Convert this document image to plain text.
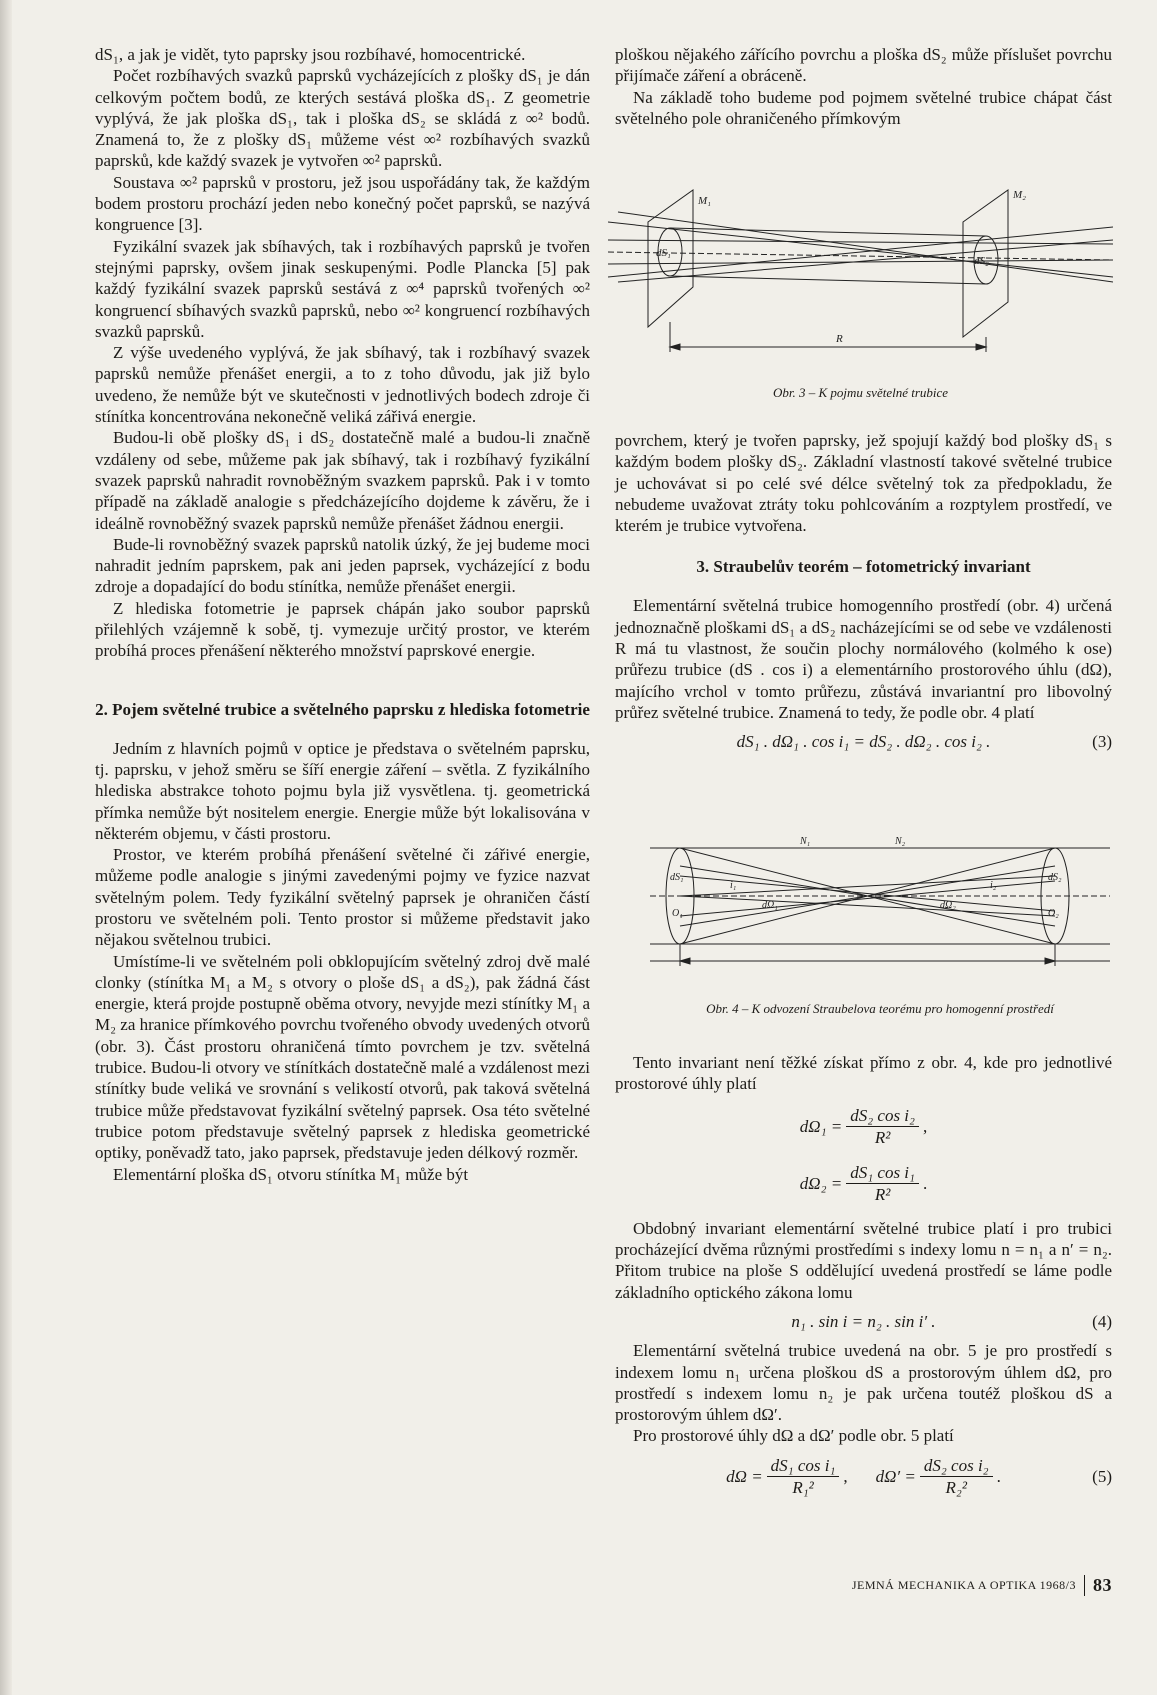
dS₁, a jak je vidět, tyto paprsky jsou rozbíhavé, homocentrické.

Počet rozbíhavých svazků paprsků vycházejících z plošky dS₁ je dán celkovým počtem bodů, ze kterých sestává ploška dS₁. Z geometrie vyplývá, že jak ploška dS₁, tak i ploška dS₂ se skládá z ∞² bodů. Znamená to, že z plošky dS₁ můžeme vést ∞² rozbíhavých svazků paprsků, kde každý svazek je vytvořen ∞² paprsků.

Soustava ∞² paprsků v prostoru, jež jsou uspořádány tak, že každým bodem prostoru prochází jeden nebo konečný počet paprsků, se nazývá kongruence [3].

Fyzikální svazek jak sbíhavých, tak i rozbíhavých paprsků je tvořen stejnými paprsky, ovšem jinak seskupenými. Podle Plancka [5] pak každý fyzikální svazek paprsků sestává z ∞⁴ paprsků tvořených ∞² kongruencí sbíhavých svazků paprsků, nebo ∞² kongruencí rozbíhavých svazků paprsků.

Z výše uvedeného vyplývá, že jak sbíhavý, tak i rozbíhavý svazek paprsků nemůže přenášet energii, a to z toho důvodu, jak již bylo uvedeno, že nemůže být ve skutečnosti v jednotlivých bodech zdroje či stínítka koncentrována nekonečně veliká zářivá energie.

Budou-li obě plošky dS₁ i dS₂ dostatečně malé a budou-li značně vzdáleny od sebe, můžeme pak jak sbíhavý, tak i rozbíhavý fyzikální svazek paprsků nahradit rovnoběžným svazkem paprsků. Pak i v tomto případě na základě analogie s předcházejícího dojdeme k závěru, že i ideálně rovnoběžný svazek paprsků nemůže přenášet žádnou energii.

Bude-li rovnoběžný svazek paprsků natolik úzký, že jej budeme moci nahradit jedním paprskem, pak ani jeden paprsek, vycházející z bodu zdroje a dopadající do bodu stínítka, nemůže přenášet energii.

Z hlediska fotometrie je paprsek chápán jako soubor paprsků přilehlých vzájemně k sobě, tj. vymezuje určitý prostor, ve kterém probíhá proces přenášení některého množství paprskové energie.

2. Pojem světelné trubice a světelného paprsku z hlediska fotometrie

Jedním z hlavních pojmů v optice je představa o světelném paprsku, tj. paprsku, v jehož směru se šíří energie záření – světla. Z fyzikálního hlediska abstrakce tohoto pojmu byla již vysvětlena. tj. geometrická přímka nemůže být nositelem energie. Energie může být lokalisována v některém objemu, v části prostoru.

Prostor, ve kterém probíhá přenášení světelné či zářivé energie, můžeme podle analogie s jinými zavedenými pojmy ve fyzice nazvat světelným polem. Tedy fyzikální světelný paprsek je ohraničen částí prostoru ve světelném poli. Tento prostor si můžeme představit jako nějakou světelnou trubici.

Umístíme-li ve světelném poli obklopujícím světelný zdroj dvě malé clonky (stínítka M₁ a M₂ s otvory o ploše dS₁ a dS₂), pak žádná část energie, která projde postupně oběma otvory, nevyjde mezi stínítky M₁ a M₂ za hranice přímkového povrchu tvořeného obvody uvedených otvorů (obr. 3). Část prostoru ohraničená tímto povrchem je tzv. světelná trubice. Budou-li otvory ve stínítkách dostatečně malé a vzdálenost mezi stínítky bude veliká ve srovnání s velikostí otvorů, pak taková světelná trubice může představovat fyzikální světelný paprsek. Osa této světelné trubice potom představuje světelný paprsek z hlediska geometrické optiky, poněvadž tato, jako paprsek, představuje jeden délkový rozměr.

Elementární ploška dS₁ otvoru stínítka M₁ může být

ploškou nějakého zářícího povrchu a ploška dS₂ může příslušet povrchu přijímače záření a obráceně.

Na základě toho budeme pod pojmem světelné trubice chápat část světelného pole ohraničeného přímkovým

M₁	M₂
dS₁
dS₂
R
Obr. 3 – K pojmu světelné trubice

povrchem, který je tvořen paprsky, jež spojují každý bod plošky dS₁ s každým bodem plošky dS₂. Základní vlastností takové světelné trubice je uchovávat si po celé své délce světelný tok za předpokladu, že nebudeme uvažovat ztráty toku pohlcováním a rozptylem prostředí, ve kterém je trubice vytvořena.

3. Straubelův teorém – fotometrický invariant

Elementární světelná trubice homogenního prostředí (obr. 4) určená jednoznačně ploškami dS₁ a dS₂ nacházejícími se od sebe ve vzdálenosti R má tu vlastnost, že součin plochy normálového (kolmého k ose) průřezu trubice (dS . cos i) a elementárního prostorového úhlu (dΩ), majícího vrchol v tomto průřezu, zůstává invariantní pro libovolný průřez světelné trubice. Znamená to tedy, že podle obr. 4 platí

dS₁ . dΩ₁ . cos i₁ = dS₂ . dΩ₂ . cos i₂ .	(3)
N₁	N₂
dS₁	dS₂
O₁	O₂
i₁	i₂
dΩ₁	dΩ₂
Obr. 4 – K odvození Straubelova teorému pro homogenní prostředí

Tento invariant není těžké získat přímo z obr. 4, kde pro jednotlivé prostorové úhly platí

$d\Omega_1 = \frac{\text{dS₂ cos i₂}}{\text{R²}}$ ,
$d\Omega_2 = \frac{\text{dS₁ cos i₁}}{\text{R²}}$ .

Obdobný invariant elementární světelné trubice platí i pro trubici procházející dvěma různými prostředími s indexy lomu n = n₁ a n′ = n₂. Přitom trubice na ploše S oddělující uvedená prostředí se láme podle základního optického zákona lomu

n₁ . sin i = n₂ . sin i′ .	(4)

Elementární světelná trubice uvedená na obr. 5 je pro prostředí s indexem lomu n₁ určena ploškou dS a prostorovým úhlem dΩ, pro prostředí s indexem lomu n₂ je pak určena toutéž ploškou dS a prostorovým úhlem dΩ′.

Pro prostorové úhly dΩ a dΩ′ podle obr. 5 platí

$d\Omega = \frac{\text{dS₁ cos i₁}}{\text{R₁²}}$ , $d\Omega' = \frac{\text{dS₂ cos i₂}}{\text{R₂²}}$ .	(5)
JEMNÁ MECHANIKA A OPTIKA 1968/3 83
